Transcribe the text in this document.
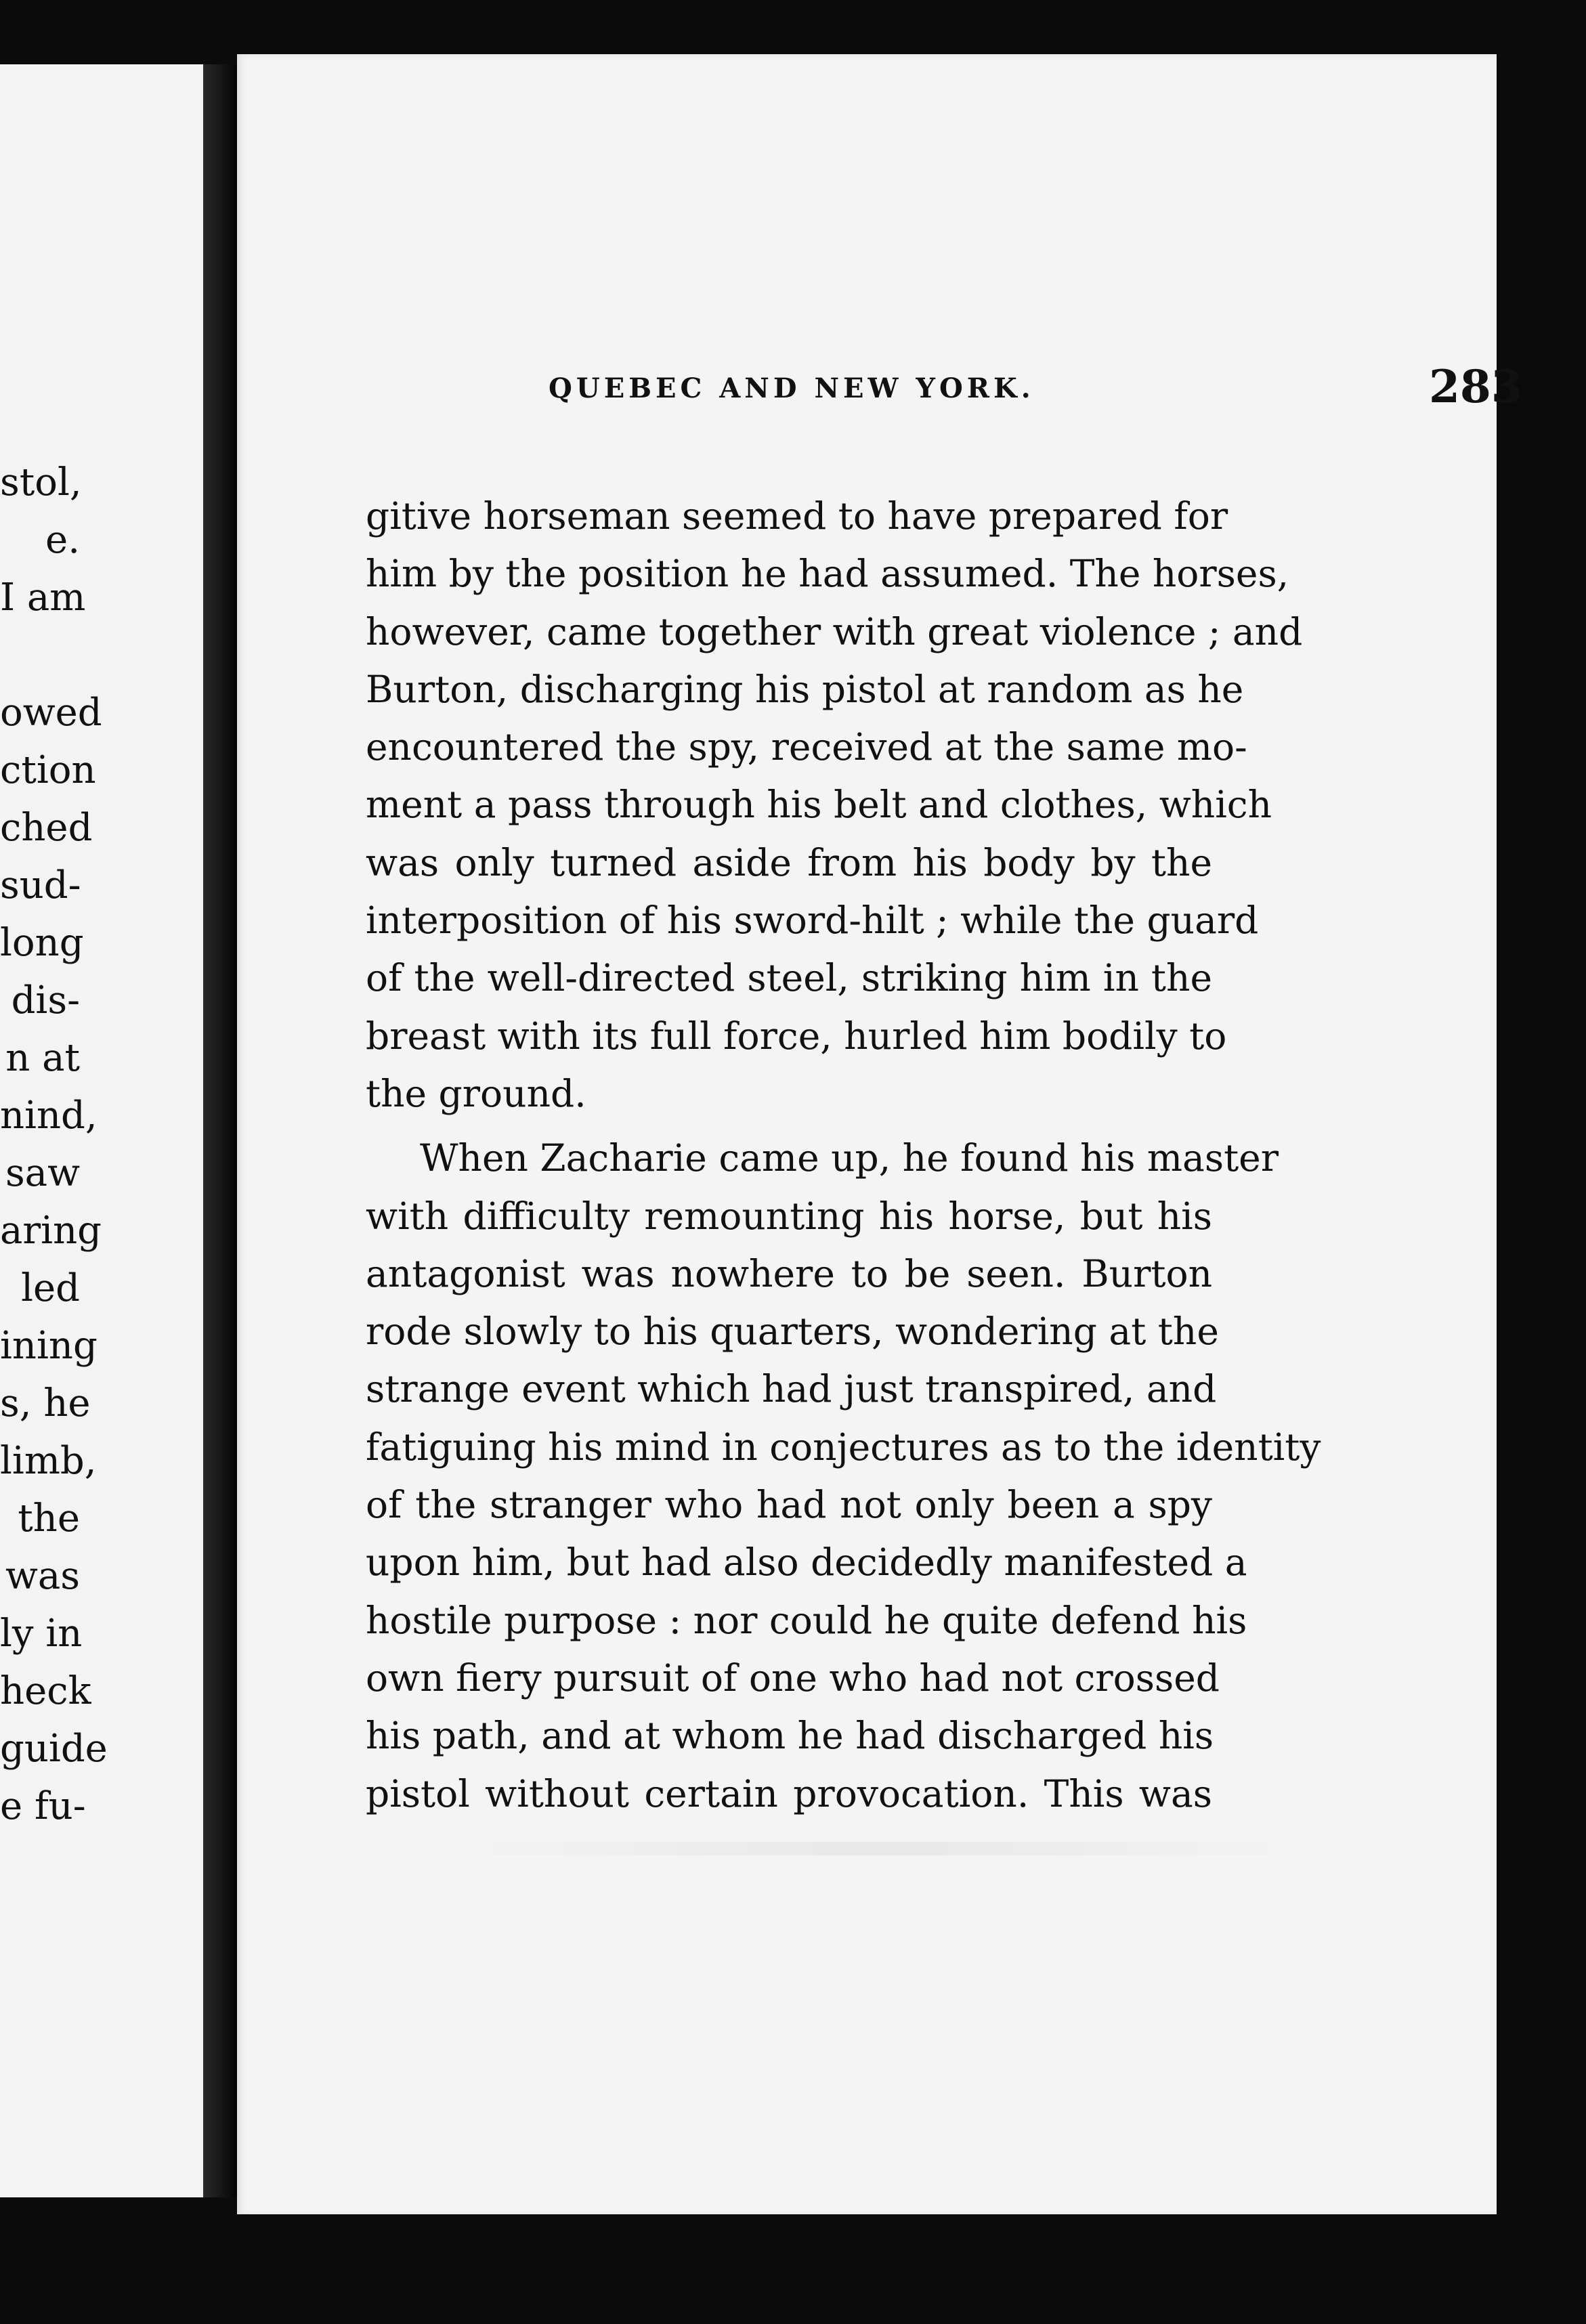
stol,
e.
I am
owed
ction
ched
sud-
long
dis-
n at
nind,
saw
aring
led
ining
s, he
limb,
the
was
ly in
heck
guide
e fu-
QUEBEC AND NEW YORK.	283
gitive horseman seemed to have prepared for
him by the position he had assumed. The horses,
however, came together with great violence ; and
Burton, discharging his pistol at random as he
encountered the spy, received at the same mo-
ment a pass through his belt and clothes, which
was only turned aside from his body by the
interposition of his sword-hilt ; while the guard
of the well-directed steel, striking him in the
breast with its full force, hurled him bodily to
the ground.
When Zacharie came up, he found his master
with difficulty remounting his horse, but his
antagonist was nowhere to be seen. Burton
rode slowly to his quarters, wondering at the
strange event which had just transpired, and
fatiguing his mind in conjectures as to the identity
of the stranger who had not only been a spy
upon him, but had also decidedly manifested a
hostile purpose : nor could he quite defend his
own fiery pursuit of one who had not crossed
his path, and at whom he had discharged his
pistol without certain provocation. This was
